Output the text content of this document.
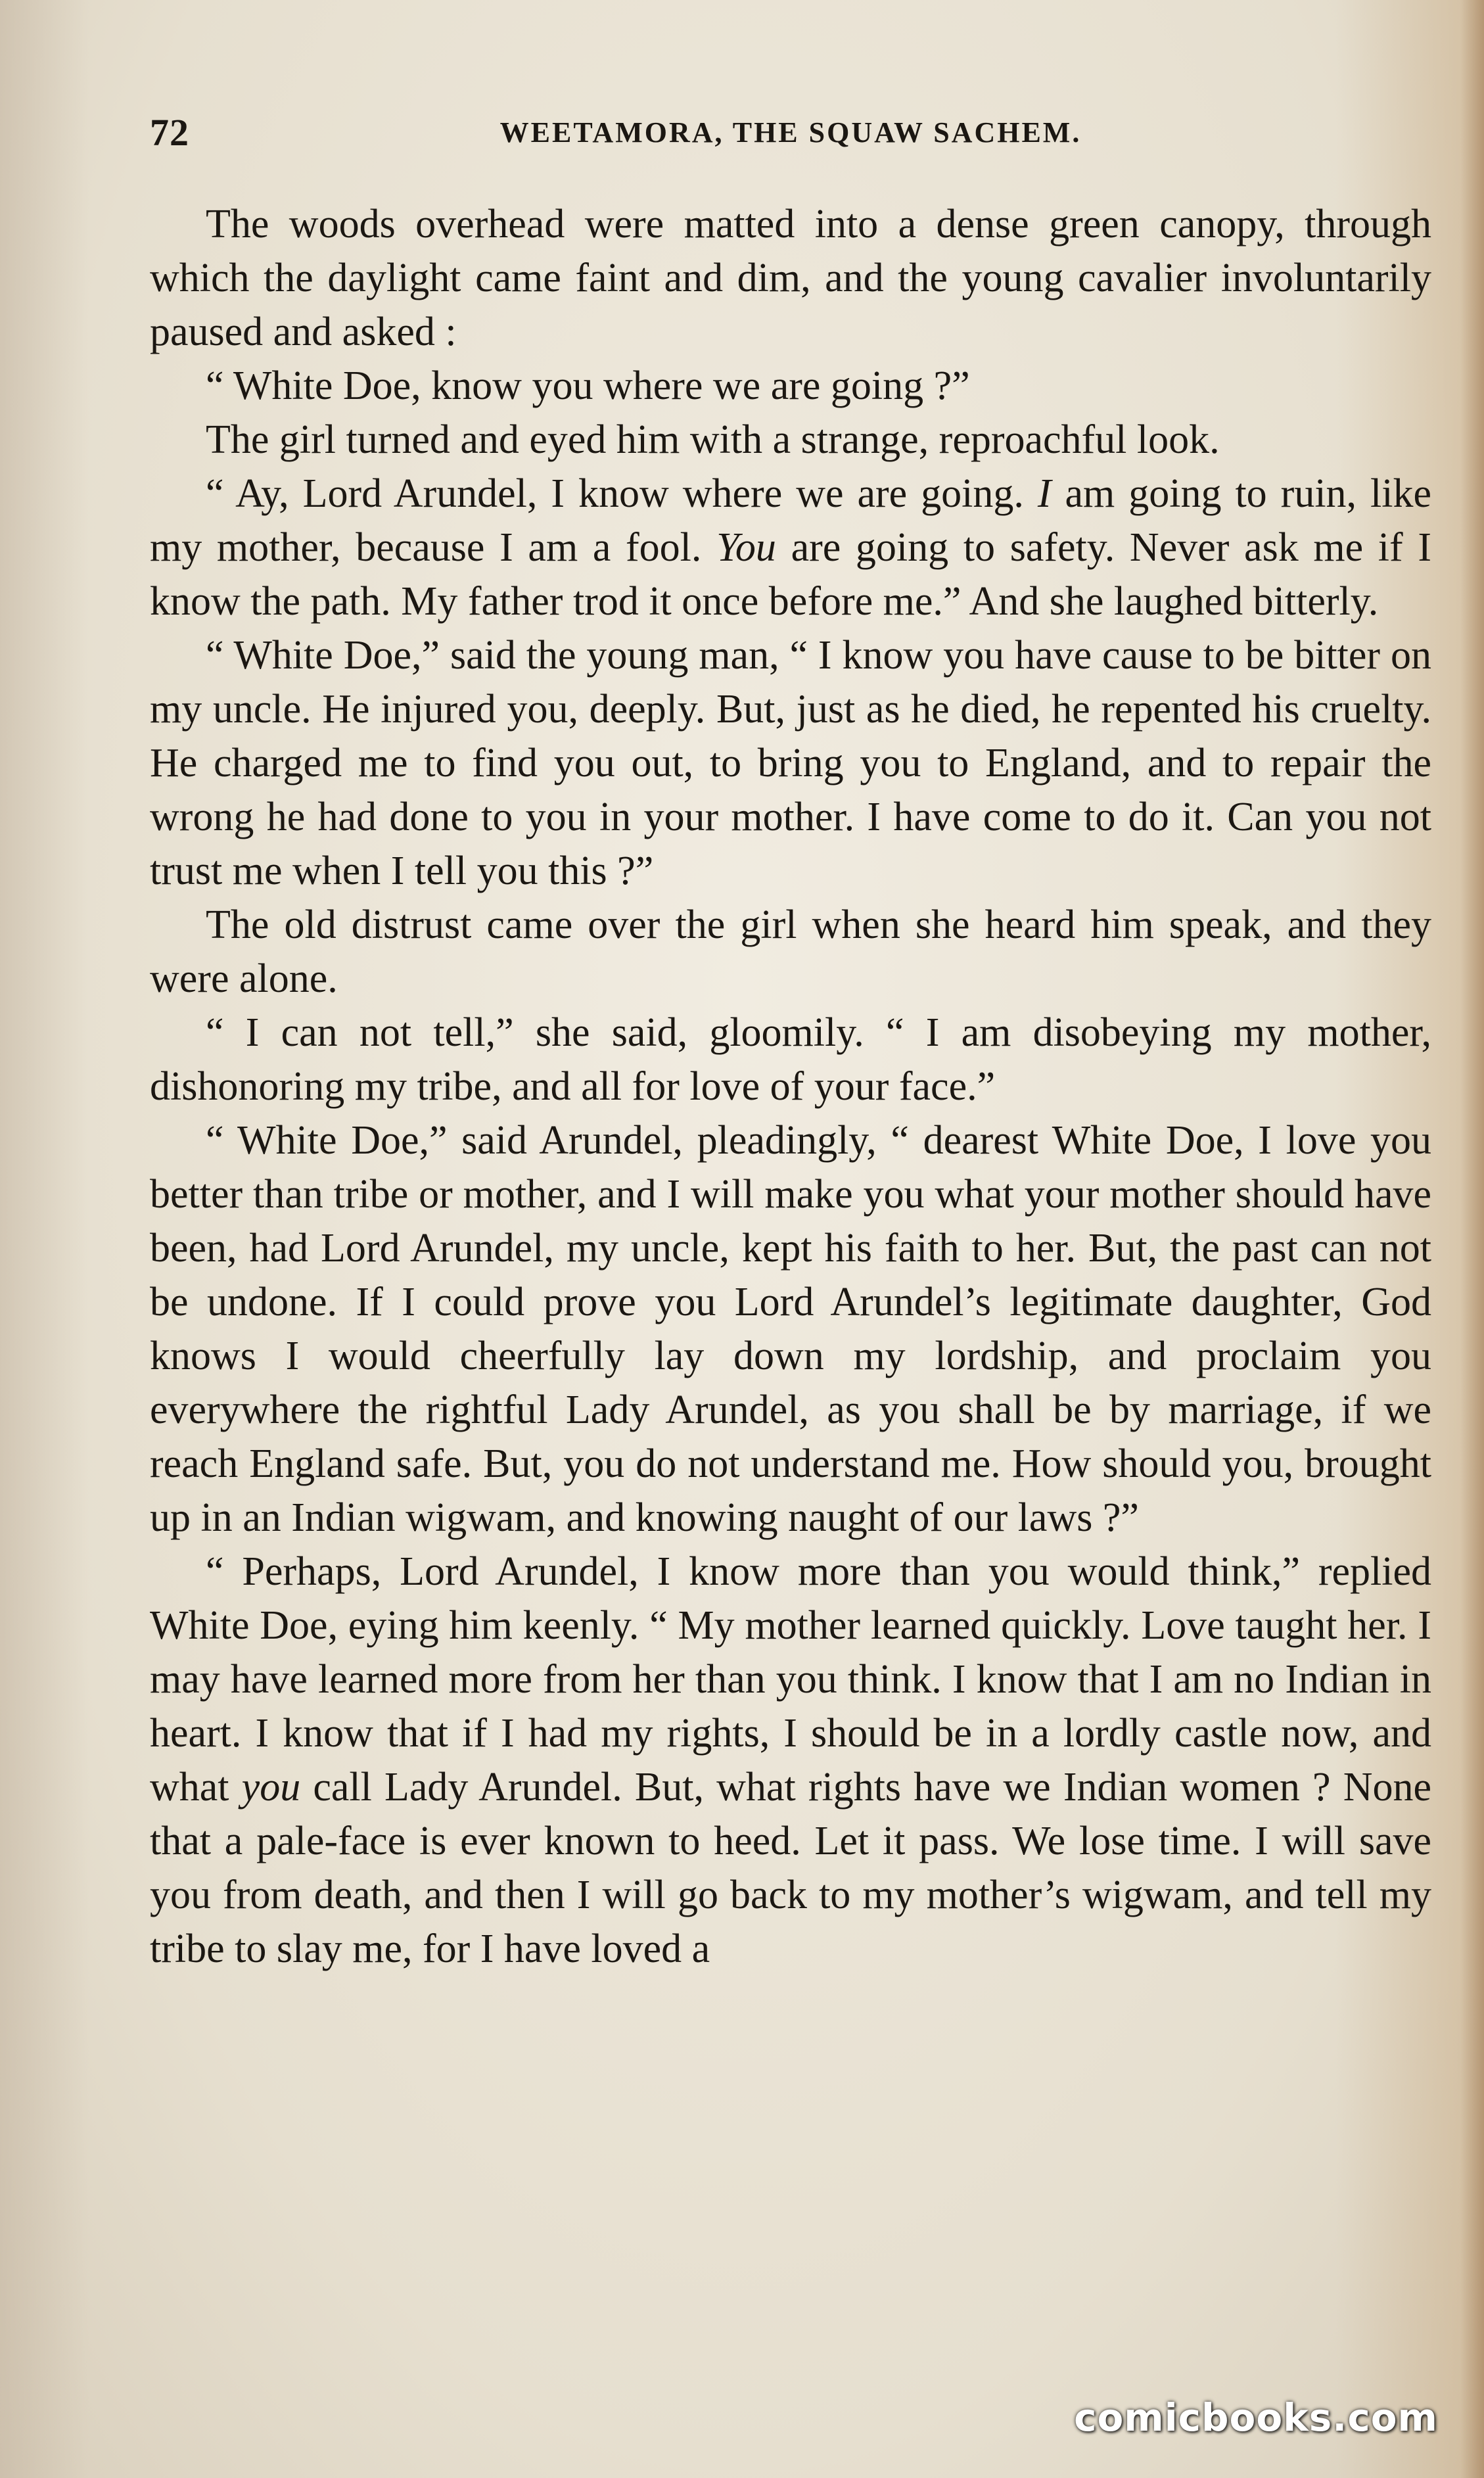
72	WEETAMORA, THE SQUAW SACHEM.

The woods overhead were matted into a dense green canopy, through which the daylight came faint and dim, and the young cavalier involuntarily paused and asked :

“ White Doe, know you where we are going ?”

The girl turned and eyed him with a strange, reproachful look.

“ Ay, Lord Arundel, I know where we are going. I am going to ruin, like my mother, because I am a fool. You are going to safety. Never ask me if I know the path. My father trod it once before me.” And she laughed bitterly.

“ White Doe,” said the young man, “ I know you have cause to be bitter on my uncle. He injured you, deeply. But, just as he died, he repented his cruelty. He charged me to find you out, to bring you to England, and to repair the wrong he had done to you in your mother. I have come to do it. Can you not trust me when I tell you this ?”

The old distrust came over the girl when she heard him speak, and they were alone.

“ I can not tell,” she said, gloomily. “ I am disobeying my mother, dishonoring my tribe, and all for love of your face.”

“ White Doe,” said Arundel, pleadingly, “ dearest White Doe, I love you better than tribe or mother, and I will make you what your mother should have been, had Lord Arundel, my uncle, kept his faith to her. But, the past can not be undone. If I could prove you Lord Arundel’s legitimate daughter, God knows I would cheerfully lay down my lordship, and proclaim you everywhere the rightful Lady Arundel, as you shall be by marriage, if we reach England safe. But, you do not understand me. How should you, brought up in an Indian wigwam, and knowing naught of our laws ?”

“ Perhaps, Lord Arundel, I know more than you would think,” replied White Doe, eying him keenly. “ My mother learned quickly. Love taught her. I may have learned more from her than you think. I know that I am no Indian in heart. I know that if I had my rights, I should be in a lordly castle now, and what you call Lady Arundel. But, what rights have we Indian women ? None that a pale-face is ever known to heed. Let it pass. We lose time. I will save you from death, and then I will go back to my mother’s wigwam, and tell my tribe to slay me, for I have loved a

comicbooks.com
